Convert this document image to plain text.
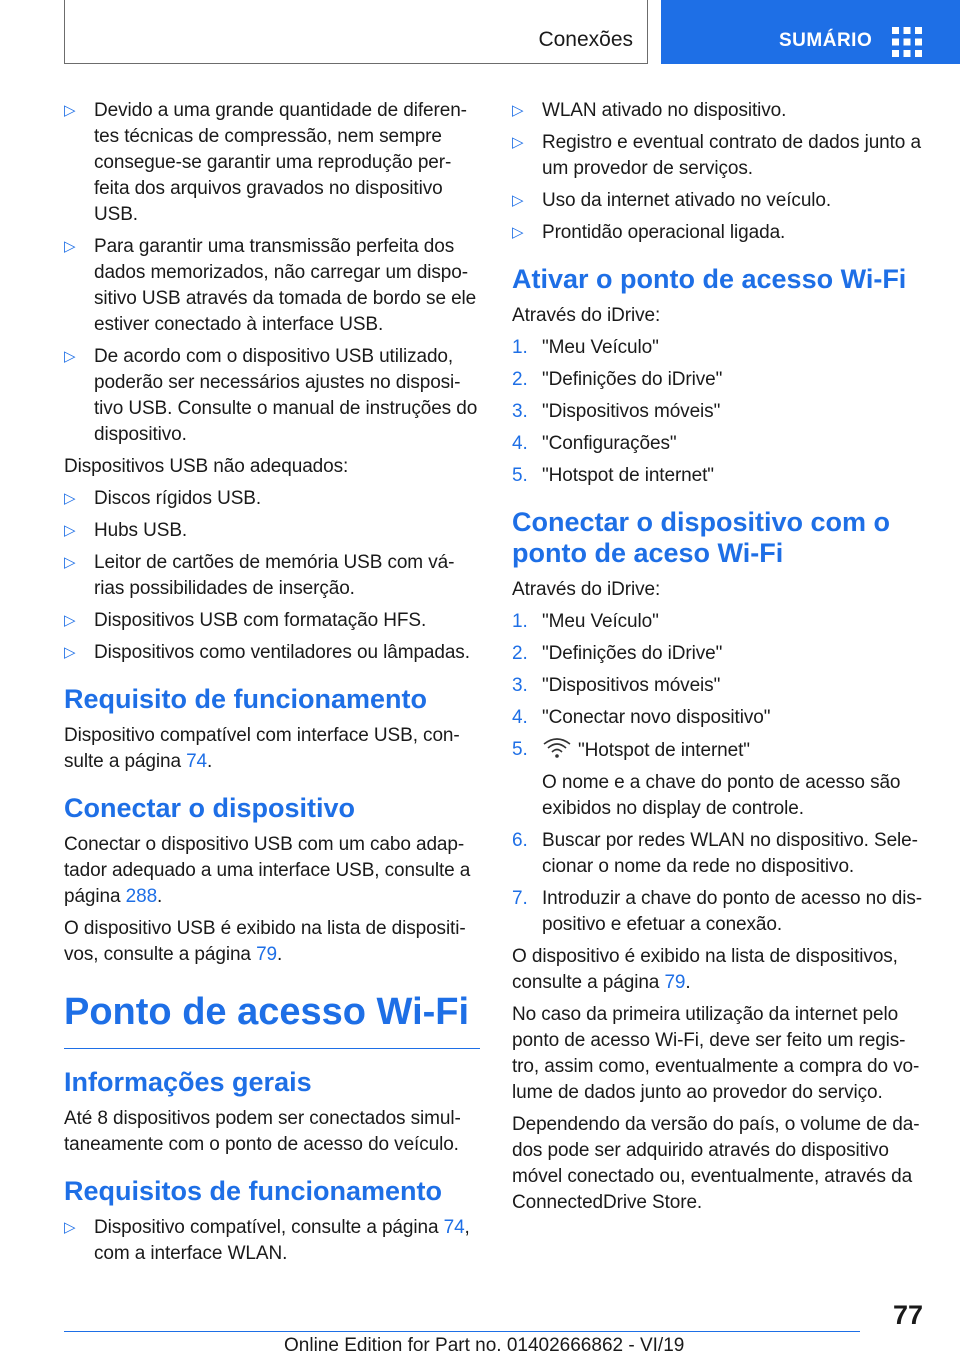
Conexões	SUMÁRIO
▷ Devido a uma grande quantidade de diferen-tes técnicas de compressão, nem sempre consegue-se garantir uma reprodução per-feita dos arquivos gravados no dispositivo USB.
▷ Para garantir uma transmissão perfeita dos dados memorizados, não carregar um dispo-sitivo USB através da tomada de bordo se ele estiver conectado à interface USB.
▷ De acordo com o dispositivo USB utilizado, poderão ser necessários ajustes no disposi-tivo USB. Consulte o manual de instruções do dispositivo.

Dispositivos USB não adequados:

▷ Discos rígidos USB.
▷ Hubs USB.
▷ Leitor de cartões de memória USB com vá-rias possibilidades de inserção.
▷ Dispositivos USB com formatação HFS.
▷ Dispositivos como ventiladores ou lâmpadas.
Requisito de funcionamento

Dispositivo compatível com interface USB, con-sulte a página 74.

Conectar o dispositivo

Conectar o dispositivo USB com um cabo adap-tador adequado a uma interface USB, consulte a página 288.

O dispositivo USB é exibido na lista de dispositi-vos, consulte a página 79.

Ponto de acesso Wi-Fi
Informações gerais

Até 8 dispositivos podem ser conectados simul-taneamente com o ponto de acesso do veículo.

Requisitos de funcionamento
▷ Dispositivo compatível, consulte a página 74, com a interface WLAN.
▷ WLAN ativado no dispositivo.
▷ Registro e eventual contrato de dados junto a um provedor de serviços.
▷ Uso da internet ativado no veículo.
▷ Prontidão operacional ligada.
Ativar o ponto de acesso Wi-Fi

Através do iDrive:

1. "Meu Veículo"
2. "Definições do iDrive"
3. "Dispositivos móveis"
4. "Configurações"
5. "Hotspot de internet"
Conectar o dispositivo com o ponto de aceso Wi-Fi

Através do iDrive:

1. "Meu Veículo"
2. "Definições do iDrive"
3. "Dispositivos móveis"
4. "Conectar novo dispositivo"
5.	"Hotspot de internet"
O nome e a chave do ponto de acesso são exibidos no display de controle.
6. Buscar por redes WLAN no dispositivo. Sele-cionar o nome da rede no dispositivo.
7. Introduzir a chave do ponto de acesso no dis-positivo e efetuar a conexão.

O dispositivo é exibido na lista de dispositivos, consulte a página 79.

No caso da primeira utilização da internet pelo ponto de acesso Wi-Fi, deve ser feito um regis-tro, assim como, eventualmente a compra do vo-lume de dados junto ao provedor do serviço.

Dependendo da versão do país, o volume de da-dos pode ser adquirido através do dispositivo móvel conectado ou, eventualmente, através da ConnectedDrive Store.

77
Online Edition for Part no. 01402666862 - VI/19
